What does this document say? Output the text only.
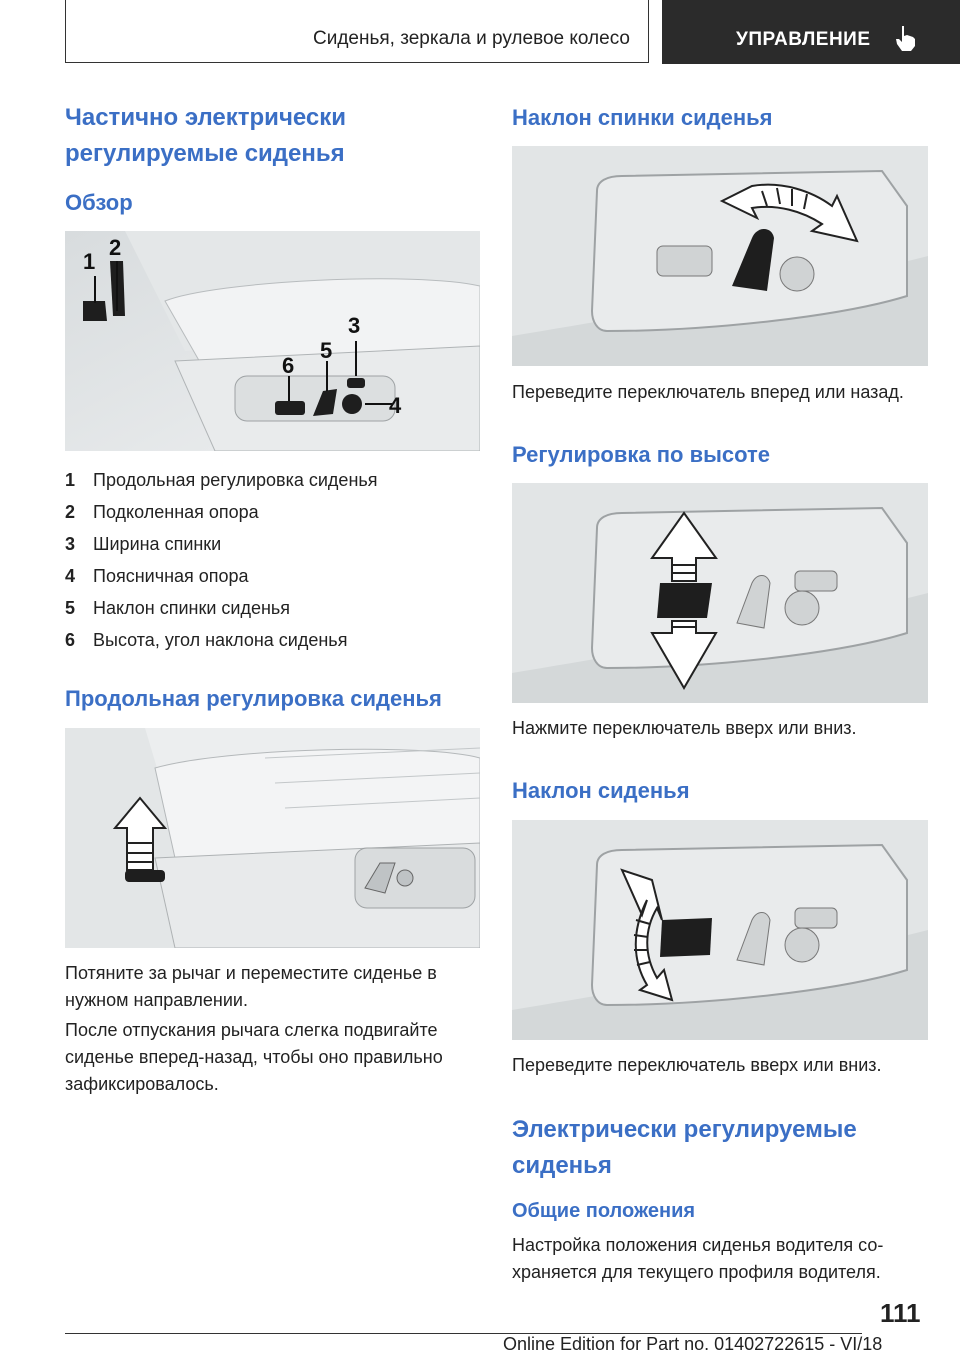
Сиденья, зеркала и рулевое колесо	УПРАВЛЕНИЕ
Частично электрически регулируемые сиденья
Обзор
1
2
3
4
5
6
1 Продольная регулировка сиденья
2 Подколенная опора
3 Ширина спинки
4 Поясничная опора
5 Наклон спинки сиденья
6 Высота, угол наклона сиденья
Продольная регулировка сиденья

Потяните за рычаг и переместите сиденье в нужном направлении.

После отпускания рычага слегка подвигайте сиденье вперед-назад, чтобы оно правильно зафиксировалось.

Наклон спинки сиденья

Переведите переключатель вперед или назад.

Регулировка по высоте

Нажмите переключатель вверх или вниз.

Наклон сиденья

Переведите переключатель вверх или вниз.

Электрически регулируемые сиденья
Общие положения

Настройка положения сиденья водителя со-храняется для текущего профиля водителя.

111
Online Edition for Part no. 01402722615 - VI/18
